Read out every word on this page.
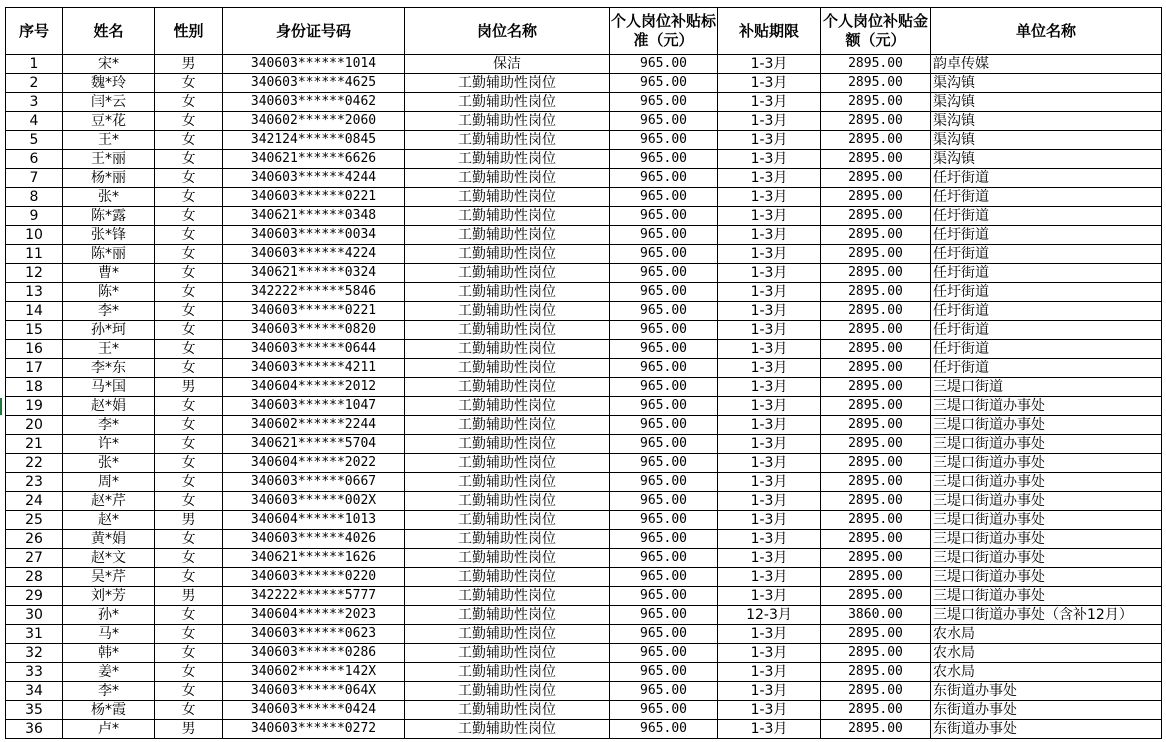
序号	姓名	性别	身份证号码	岗位名称	个人岗位补贴标准（元）	补贴期限	个人岗位补贴金额（元）	单位名称
1	宋*	男	340603******1014	保洁	965.00	1-3月	2895.00	韵卓传媒
2	魏*玲	女	340603******4625	工勤辅助性岗位	965.00	1-3月	2895.00	渠沟镇
3	闫*云	女	340603******0462	工勤辅助性岗位	965.00	1-3月	2895.00	渠沟镇
4	豆*花	女	340602******2060	工勤辅助性岗位	965.00	1-3月	2895.00	渠沟镇
5	王*	女	342124******0845	工勤辅助性岗位	965.00	1-3月	2895.00	渠沟镇
6	王*丽	女	340621******6626	工勤辅助性岗位	965.00	1-3月	2895.00	渠沟镇
7	杨*丽	女	340603******4244	工勤辅助性岗位	965.00	1-3月	2895.00	任圩街道
8	张*	女	340603******0221	工勤辅助性岗位	965.00	1-3月	2895.00	任圩街道
9	陈*露	女	340621******0348	工勤辅助性岗位	965.00	1-3月	2895.00	任圩街道
10	张*锋	女	340603******0034	工勤辅助性岗位	965.00	1-3月	2895.00	任圩街道
11	陈*丽	女	340603******4224	工勤辅助性岗位	965.00	1-3月	2895.00	任圩街道
12	曹*	女	340621******0324	工勤辅助性岗位	965.00	1-3月	2895.00	任圩街道
13	陈*	女	342222******5846	工勤辅助性岗位	965.00	1-3月	2895.00	任圩街道
14	李*	女	340603******0221	工勤辅助性岗位	965.00	1-3月	2895.00	任圩街道
15	孙*珂	女	340603******0820	工勤辅助性岗位	965.00	1-3月	2895.00	任圩街道
16	王*	女	340603******0644	工勤辅助性岗位	965.00	1-3月	2895.00	任圩街道
17	李*东	女	340603******4211	工勤辅助性岗位	965.00	1-3月	2895.00	任圩街道
18	马*国	男	340604******2012	工勤辅助性岗位	965.00	1-3月	2895.00	三堤口街道
19	赵*娟	女	340603******1047	工勤辅助性岗位	965.00	1-3月	2895.00	三堤口街道办事处
20	李*	女	340602******2244	工勤辅助性岗位	965.00	1-3月	2895.00	三堤口街道办事处
21	许*	女	340621******5704	工勤辅助性岗位	965.00	1-3月	2895.00	三堤口街道办事处
22	张*	女	340604******2022	工勤辅助性岗位	965.00	1-3月	2895.00	三堤口街道办事处
23	周*	女	340603******0667	工勤辅助性岗位	965.00	1-3月	2895.00	三堤口街道办事处
24	赵*芹	女	340603******002X	工勤辅助性岗位	965.00	1-3月	2895.00	三堤口街道办事处
25	赵*	男	340604******1013	工勤辅助性岗位	965.00	1-3月	2895.00	三堤口街道办事处
26	黄*娟	女	340603******4026	工勤辅助性岗位	965.00	1-3月	2895.00	三堤口街道办事处
27	赵*文	女	340621******1626	工勤辅助性岗位	965.00	1-3月	2895.00	三堤口街道办事处
28	吴*芹	女	340603******0220	工勤辅助性岗位	965.00	1-3月	2895.00	三堤口街道办事处
29	刘*芳	男	342222******5777	工勤辅助性岗位	965.00	1-3月	2895.00	三堤口街道办事处
30	孙*	女	340604******2023	工勤辅助性岗位	965.00	12-3月	3860.00	三堤口街道办事处（含补12月）
31	马*	女	340603******0623	工勤辅助性岗位	965.00	1-3月	2895.00	农水局
32	韩*	女	340603******0286	工勤辅助性岗位	965.00	1-3月	2895.00	农水局
33	姜*	女	340602******142X	工勤辅助性岗位	965.00	1-3月	2895.00	农水局
34	李*	女	340603******064X	工勤辅助性岗位	965.00	1-3月	2895.00	东街道办事处
35	杨*霞	女	340603******0424	工勤辅助性岗位	965.00	1-3月	2895.00	东街道办事处
36	卢*	男	340603******0272	工勤辅助性岗位	965.00	1-3月	2895.00	东街道办事处
